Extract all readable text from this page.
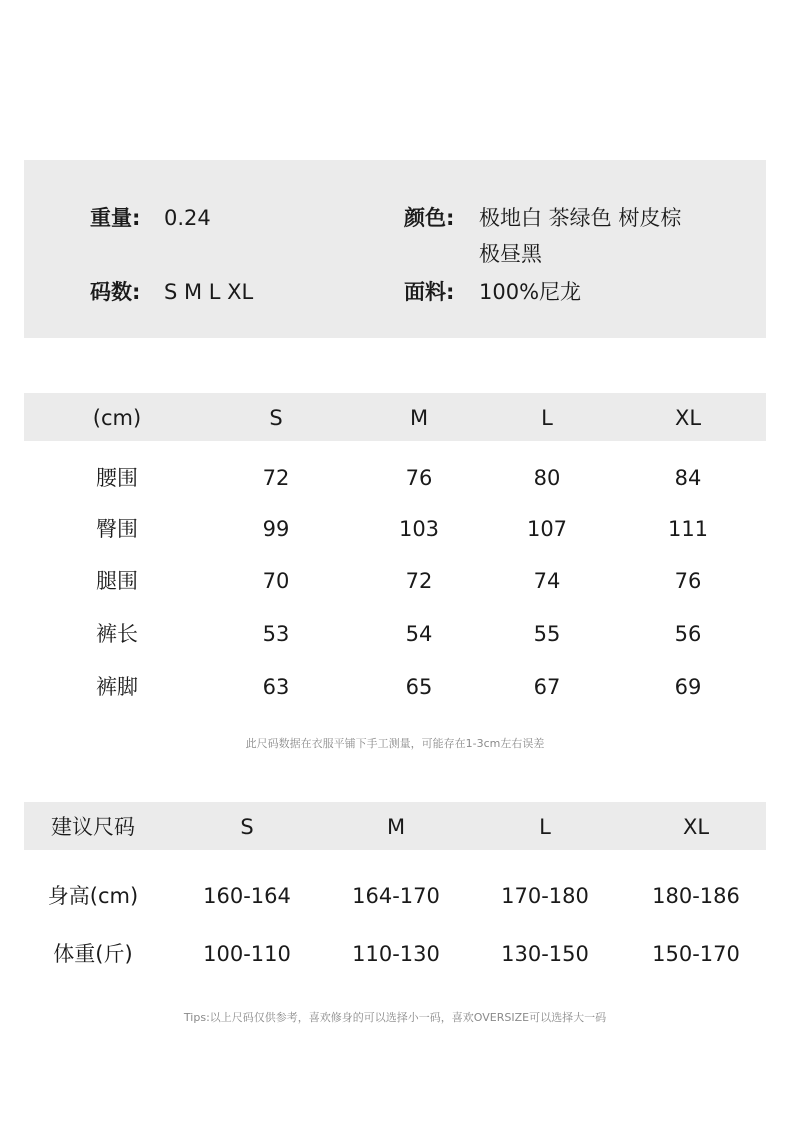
重量: 0.24	颜色: 极地白 茶绿色 树皮棕
极昼黑
码数: S M L XL	面料: 100%尼龙
(cm)	S	M	L	XL
腰围	72	76	80	84
臀围	99	103	107	111
腿围	70	72	74	76
裤长	53	54	55	56
裤脚	63	65	67	69
此尺码数据在衣服平铺下手工测量，可能存在1-3cm左右误差
建议尺码	S	M	L	XL
身高(cm)	160-164	164-170	170-180	180-186
体重(斤)	100-110	110-130	130-150	150-170
Tips:以上尺码仅供参考，喜欢修身的可以选择小一码，喜欢OVERSIZE可以选择大一码
